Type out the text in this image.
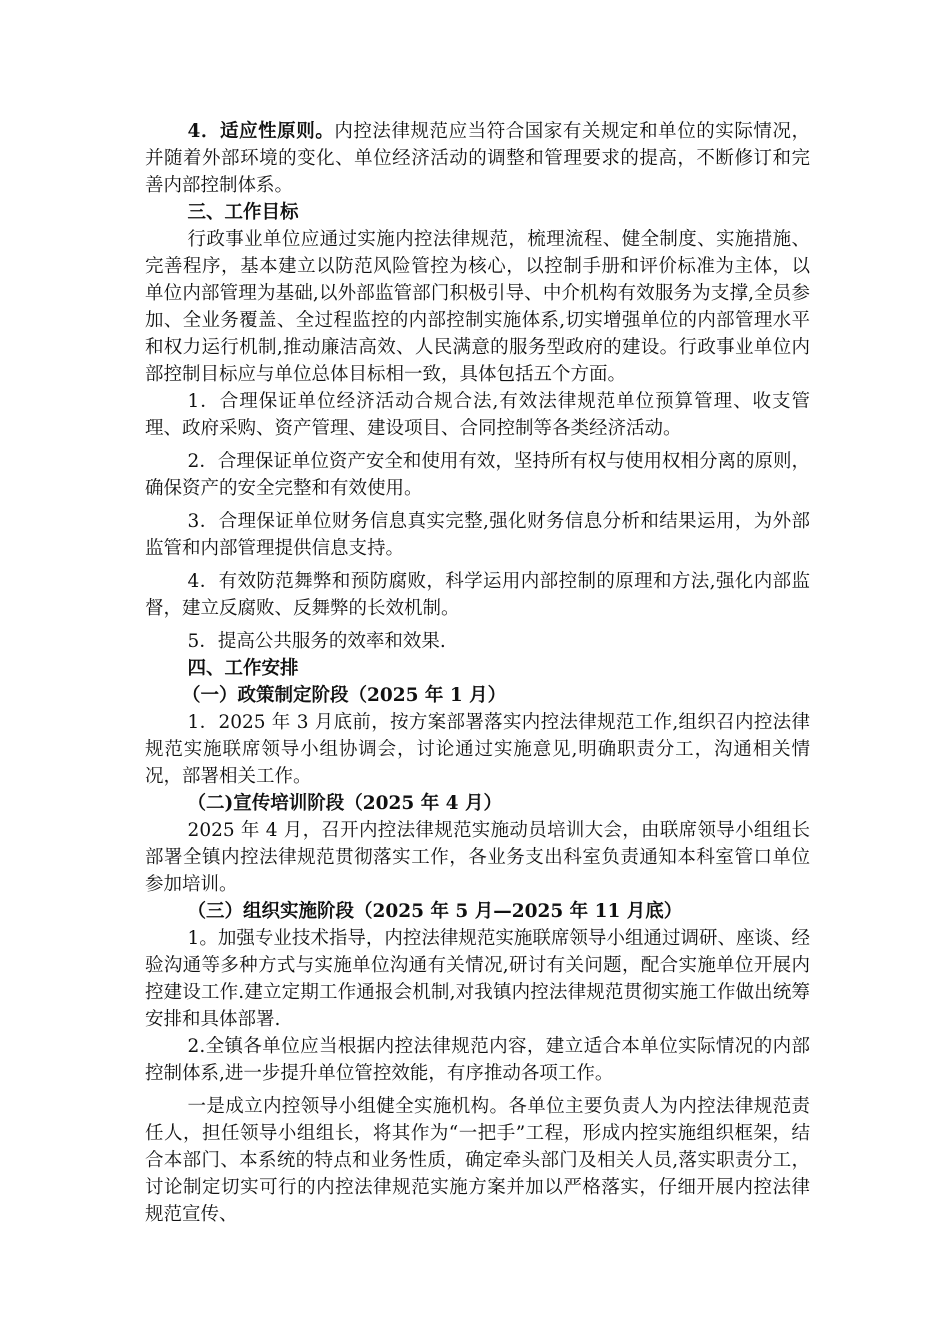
4．适应性原则。内控法律规范应当符合国家有关规定和单位的实际情况，并随着外部环境的变化、单位经济活动的调整和管理要求的提高，不断修订和完善内部控制体系。

三、工作目标

行政事业单位应通过实施内控法律规范，梳理流程、健全制度、实施措施、完善程序，基本建立以防范风险管控为核心，以控制手册和评价标准为主体，以单位内部管理为基础,以外部监管部门积极引导、中介机构有效服务为支撑,全员参加、全业务覆盖、全过程监控的内部控制实施体系,切实增强单位的内部管理水平和权力运行机制,推动廉洁高效、人民满意的服务型政府的建设。行政事业单位内部控制目标应与单位总体目标相一致，具体包括五个方面。

1．合理保证单位经济活动合规合法,有效法律规范单位预算管理、收支管理、政府采购、资产管理、建设项目、合同控制等各类经济活动。

2．合理保证单位资产安全和使用有效，坚持所有权与使用权相分离的原则，确保资产的安全完整和有效使用。

3．合理保证单位财务信息真实完整,强化财务信息分析和结果运用，为外部监管和内部管理提供信息支持。

4．有效防范舞弊和预防腐败，科学运用内部控制的原理和方法,强化内部监督，建立反腐败、反舞弊的长效机制。

5．提高公共服务的效率和效果.

四、工作安排

（一）政策制定阶段（2025 年 1 月）

1．2025 年 3 月底前，按方案部署落实内控法律规范工作,组织召内控法律规范实施联席领导小组协调会，讨论通过实施意见,明确职责分工，沟通相关情况，部署相关工作。

（二)宣传培训阶段（2025 年 4 月）

2025 年 4 月，召开内控法律规范实施动员培训大会，由联席领导小组组长部署全镇内控法律规范贯彻落实工作，各业务支出科室负责通知本科室管口单位参加培训。

（三）组织实施阶段（2025 年 5 月—2025 年 11 月底）

1。加强专业技术指导，内控法律规范实施联席领导小组通过调研、座谈、经验沟通等多种方式与实施单位沟通有关情况,研讨有关问题，配合实施单位开展内控建设工作.建立定期工作通报会机制,对我镇内控法律规范贯彻实施工作做出统筹安排和具体部署.

2.全镇各单位应当根据内控法律规范内容，建立适合本单位实际情况的内部控制体系,进一步提升单位管控效能，有序推动各项工作。

一是成立内控领导小组健全实施机构。各单位主要负责人为内控法律规范责任人，担任领导小组组长，将其作为“一把手”工程，形成内控实施组织框架，结合本部门、本系统的特点和业务性质，确定牵头部门及相关人员,落实职责分工，讨论制定切实可行的内控法律规范实施方案并加以严格落实，仔细开展内控法律规范宣传、
